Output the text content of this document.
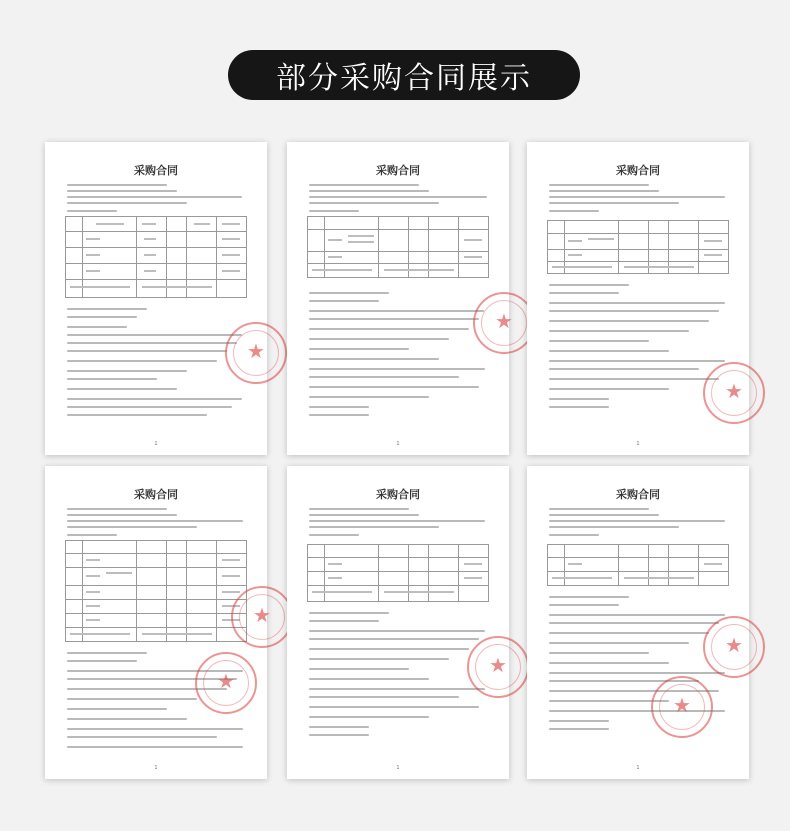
部分采购合同展示
采购合同
★
1
采购合同
★
1
采购合同
★
1
采购合同
★
★
1
采购合同
★
1
采购合同
★
★
1
